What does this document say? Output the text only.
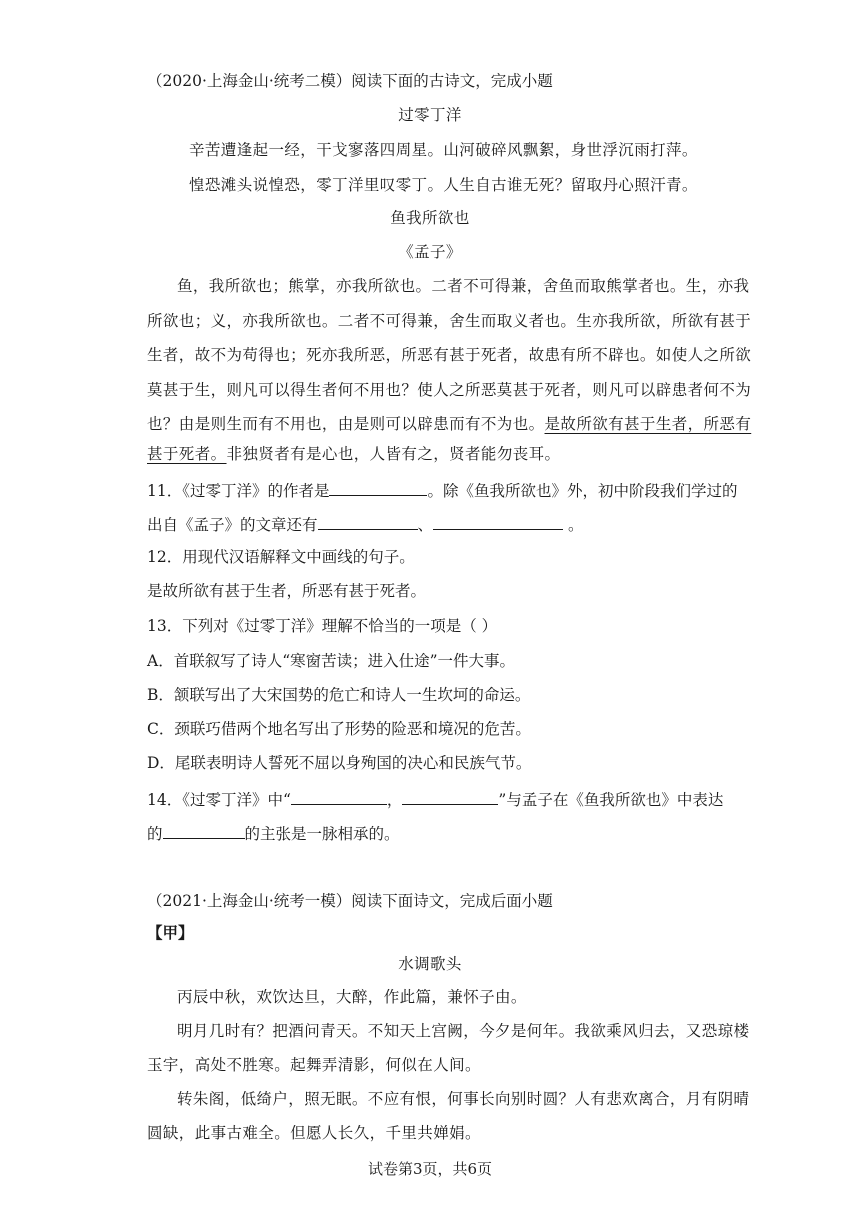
（2020·上海金山·统考二模）阅读下面的古诗文，完成小题
过零丁洋
辛苦遭逢起一经，干戈寥落四周星。山河破碎风飘絮，身世浮沉雨打萍。
惶恐滩头说惶恐，零丁洋里叹零丁。人生自古谁无死？留取丹心照汗青。
鱼我所欲也
《孟子》
鱼，我所欲也；熊掌，亦我所欲也。二者不可得兼，舍鱼而取熊掌者也。生，亦我
所欲也；义，亦我所欲也。二者不可得兼，舍生而取义者也。生亦我所欲，所欲有甚于
生者，故不为苟得也；死亦我所恶，所恶有甚于死者，故患有所不辟也。如使人之所欲
莫甚于生，则凡可以得生者何不用也？使人之所恶莫甚于死者，则凡可以辟患者何不为
也？由是则生而有不用也，由是则可以辟患而有不为也。是故所欲有甚于生者，所恶有
甚于死者。非独贤者有是心也，人皆有之，贤者能勿丧耳。
11．《过零丁洋》的作者是	。除《鱼我所欲也》外，初中阶段我们学过的
出自《孟子》的文章还有	、	。
12．用现代汉语解释文中画线的句子。
是故所欲有甚于生者，所恶有甚于死者。
13．下列对《过零丁洋》理解不恰当的一项是（ ）
A．首联叙写了诗人“寒窗苦读；进入仕途”一件大事。
B．颔联写出了大宋国势的危亡和诗人一生坎坷的命运。
C．颈联巧借两个地名写出了形势的险恶和境况的危苦。
D．尾联表明诗人誓死不屈以身殉国的决心和民族气节。
14．《过零丁洋》中“	，	”与孟子在《鱼我所欲也》中表达
的	的主张是一脉相承的。
（2021·上海金山·统考一模）阅读下面诗文，完成后面小题
【甲】
水调歌头
丙辰中秋，欢饮达旦，大醉，作此篇，兼怀子由。
明月几时有？把酒问青天。不知天上宫阙，今夕是何年。我欲乘风归去，又恐琼楼
玉宇，高处不胜寒。起舞弄清影，何似在人间。
转朱阁，低绮户，照无眠。不应有恨，何事长向别时圆？人有悲欢离合，月有阴晴
圆缺，此事古难全。但愿人长久，千里共婵娟。
试卷第3页，共6页
